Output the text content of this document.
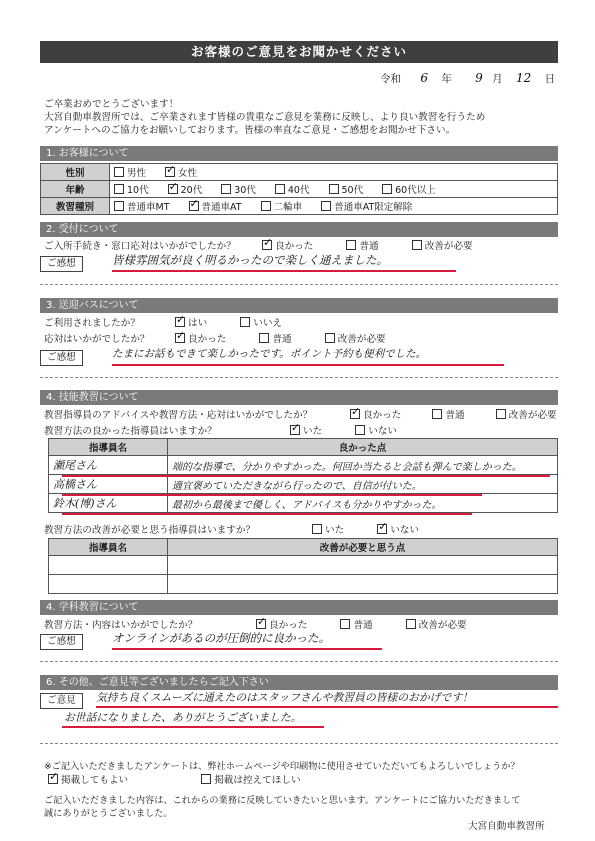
お客様のご意見をお聞かせください
令和 6 年 9 月 12 日
ご卒業おめでとうございます！
大宮自動車教習所では、ご卒業されます皆様の貴重なご意見を業務に反映し、より良い教習を行うため
アンケートへのご協力をお願いしております。皆様の率直なご意見・ご感想をお聞かせ下さい。
1. お客様について
性別	男性 ✓ 女性
年齢	10代 ✓ 20代 30代 40代 50代 60代以上
教習種別	普通車MT ✓ 普通車AT 二輪車 普通車AT限定解除
2. 受付について
ご入所手続き・窓口応対はいかがでしたか？ ✓	良かった	普通	改善が必要
ご感想	皆様雰囲気が良く明るかったので楽しく通えました。
3. 送迎バスについて
ご利用されましたか？ ✓	はい	いいえ
応対はいかがでしたか？ ✓	良かった	普通	改善が必要
ご感想	たまにお話もできて楽しかったです。ポイント予約も便利でした。
4. 技能教習について
教習指導員のアドバイスや教習方法・応対はいかがでしたか？ ✓	良かった	普通	改善が必要
教習方法の良かった指導員はいますか？ ✓	いた	いない
指導員名	良かった点
瀬尾さん	端的な指導で、分かりやすかった。何回か当たると会話も弾んで楽しかった。
高橋さん	適宜褒めていただきながら行ったので、自信が付いた。
鈴木(博)さん	最初から最後まで優しく、アドバイスも分かりやすかった。
教習方法の改善が必要と思う指導員はいますか？	いた ✓	いない
指導員名	改善が必要と思う点

4. 学科教習について
教習方法・内容はいかがでしたか？ ✓	良かった	普通	改善が必要
ご感想	オンラインがあるのが圧倒的に良かった。
6. その他、ご意見等ございましたらご記入下さい
ご意見	気持ち良くスムーズに通えたのはスタッフさんや教習員の皆様のおかげです！
お世話になりました、ありがとうございました。
※ご記入いただきましたアンケートは、弊社ホームページや印刷物に使用させていただいてもよろしいでしょうか？
✓掲載してもよい	掲載は控えてほしい
ご記入いただきました内容は、これからの業務に反映していきたいと思います。アンケートにご協力いただきまして
誠にありがとうございました。
大宮自動車教習所
